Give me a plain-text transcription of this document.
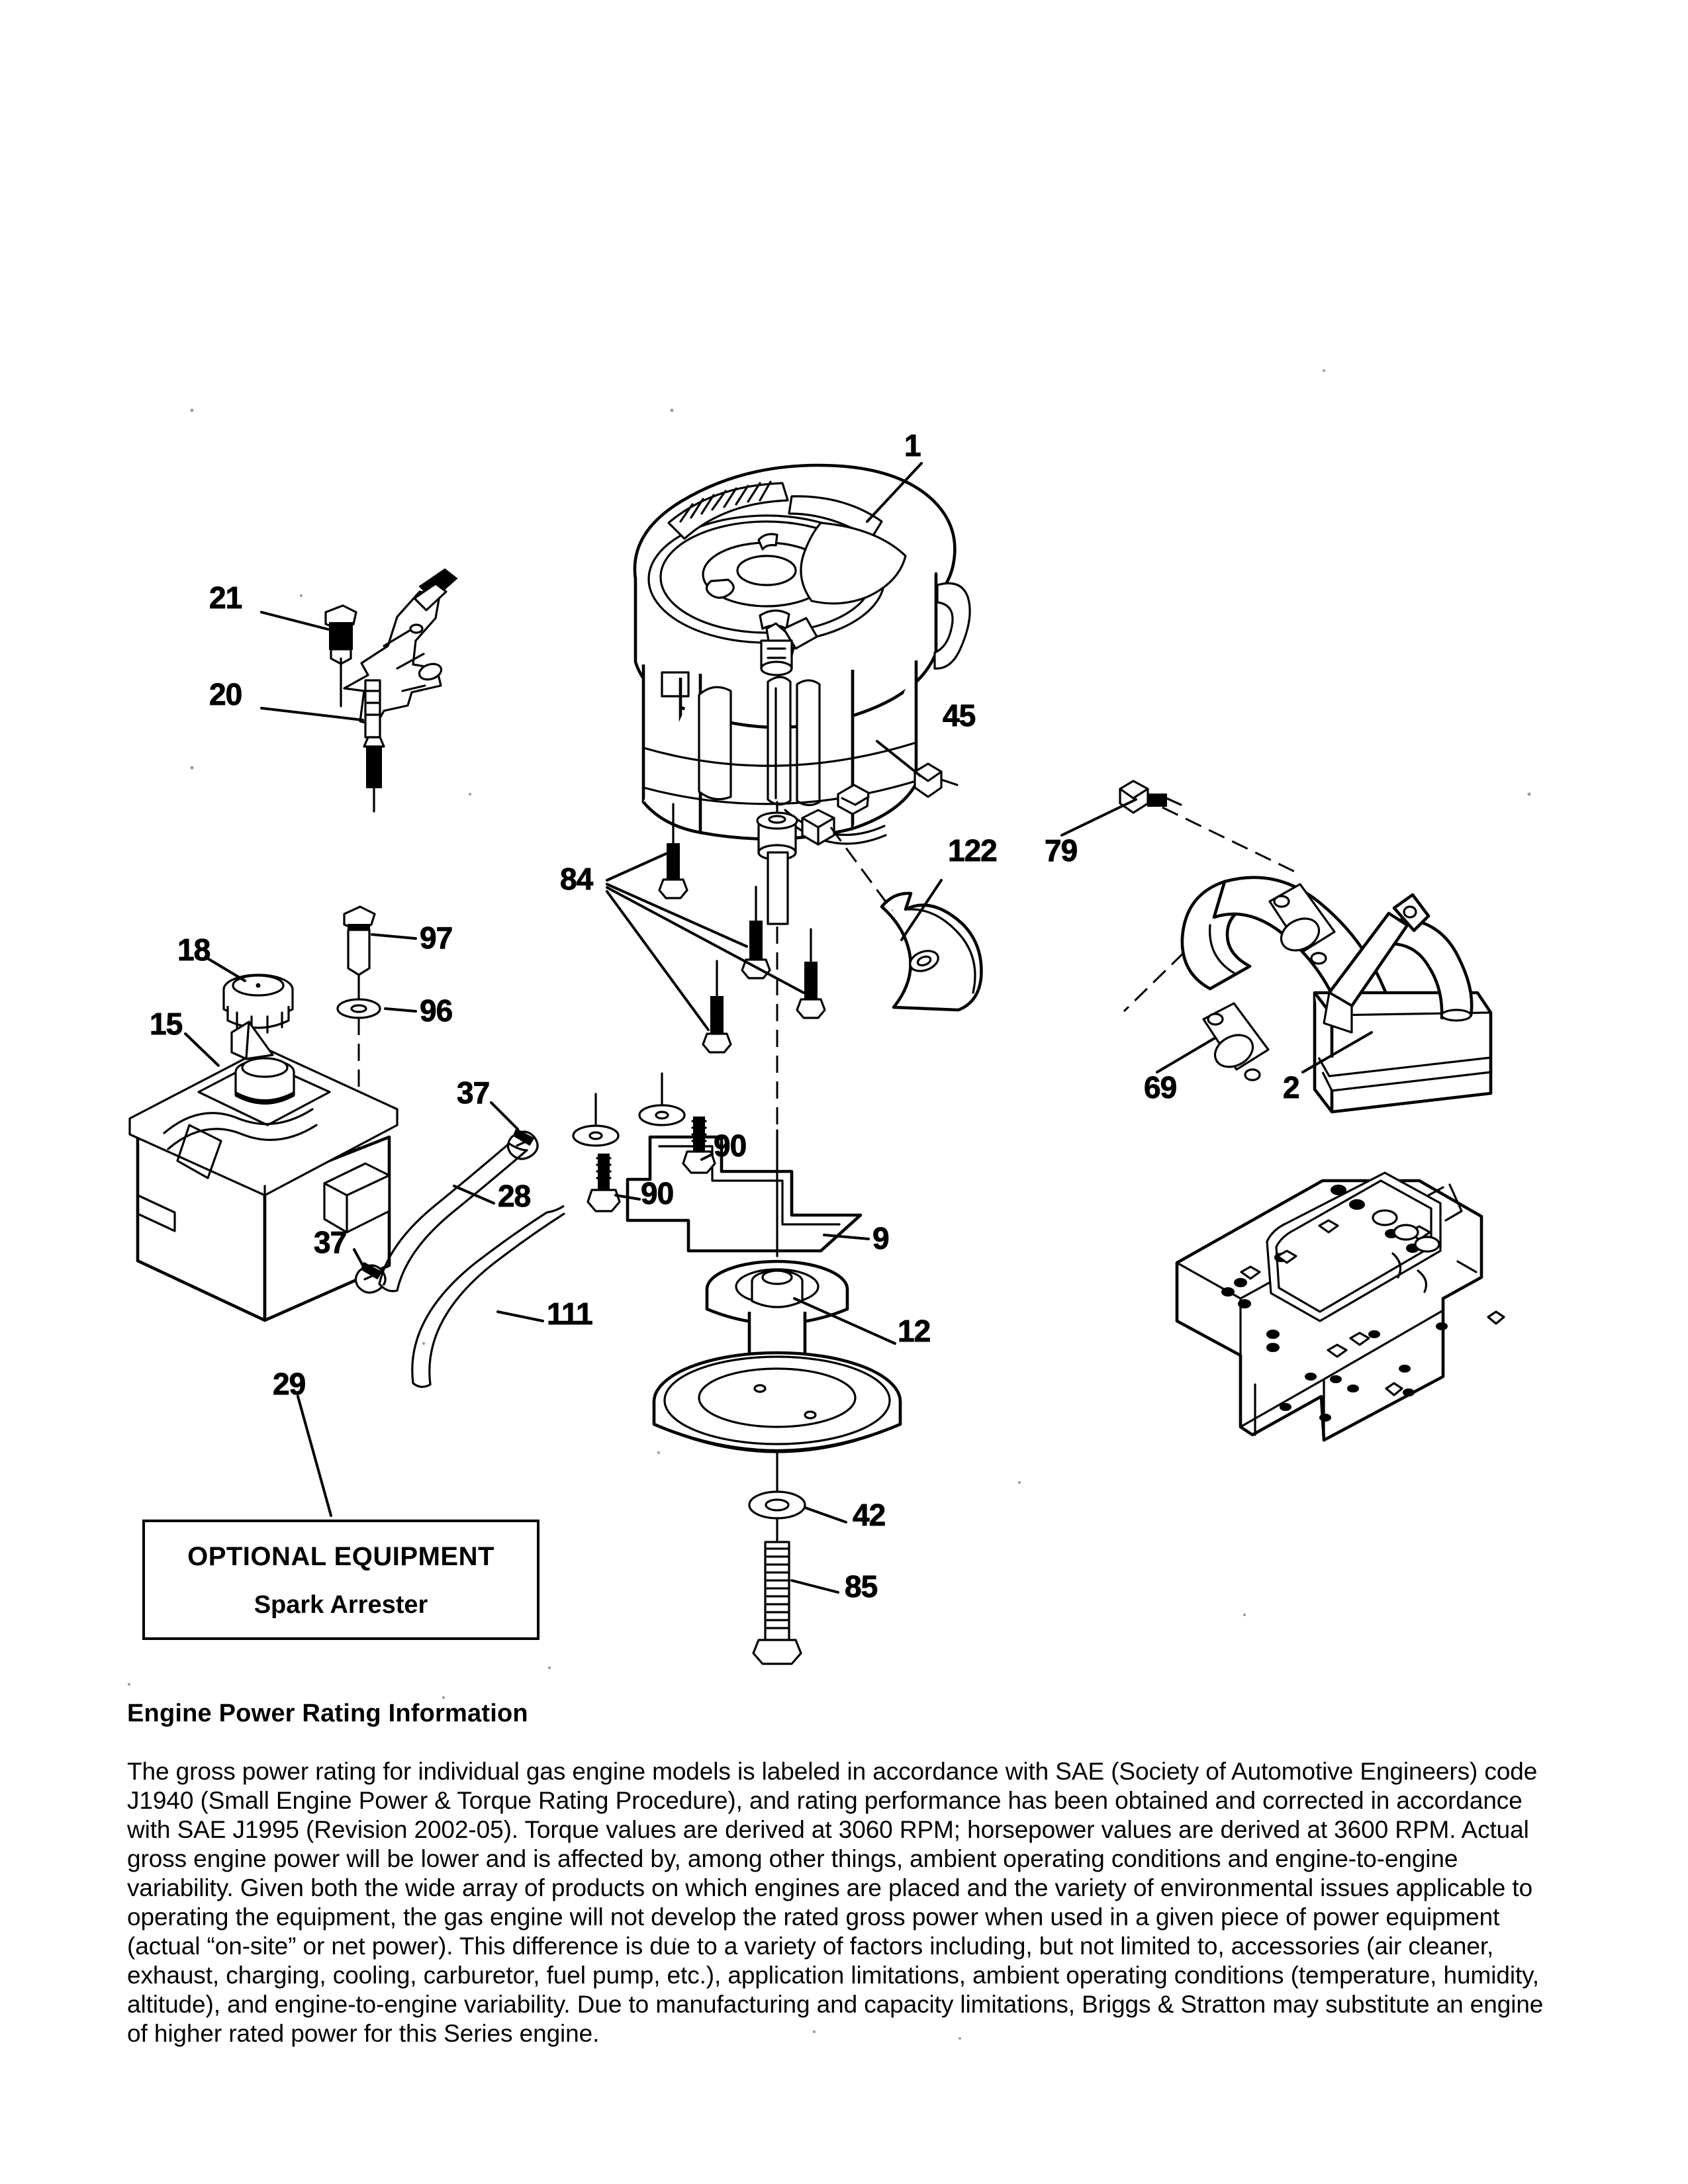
1
21
20
45
122 79
84
97
18
96
15
37	69	2
90
28	90
37	9
111	12
29
42
85
OPTIONAL EQUIPMENT
Spark Arrester
Engine Power Rating Information

The gross power rating for individual gas engine models is labeled in accordance with SAE (Society of Automotive Engineers) code J1940 (Small Engine Power & Torque Rating Procedure), and rating performance has been obtained and corrected in accordance with SAE J1995 (Revision 2002-05). Torque values are derived at 3060 RPM; horsepower values are derived at 3600 RPM. Actual gross engine power will be lower and is affected by, among other things, ambient operating conditions and engine-to-engine variability. Given both the wide array of products on which engines are placed and the variety of environmental issues applicable to operating the equipment, the gas engine will not develop the rated gross power when used in a given piece of power equipment (actual “on-site” or net power). This difference is due to a variety of factors including, but not limited to, accessories (air cleaner, exhaust, charging, cooling, carburetor, fuel pump, etc.), application limitations, ambient operating conditions (temperature, humidity, altitude), and engine-to-engine variability. Due to manufacturing and capacity limitations, Briggs & Stratton may substitute an engine of higher rated power for this Series engine.
